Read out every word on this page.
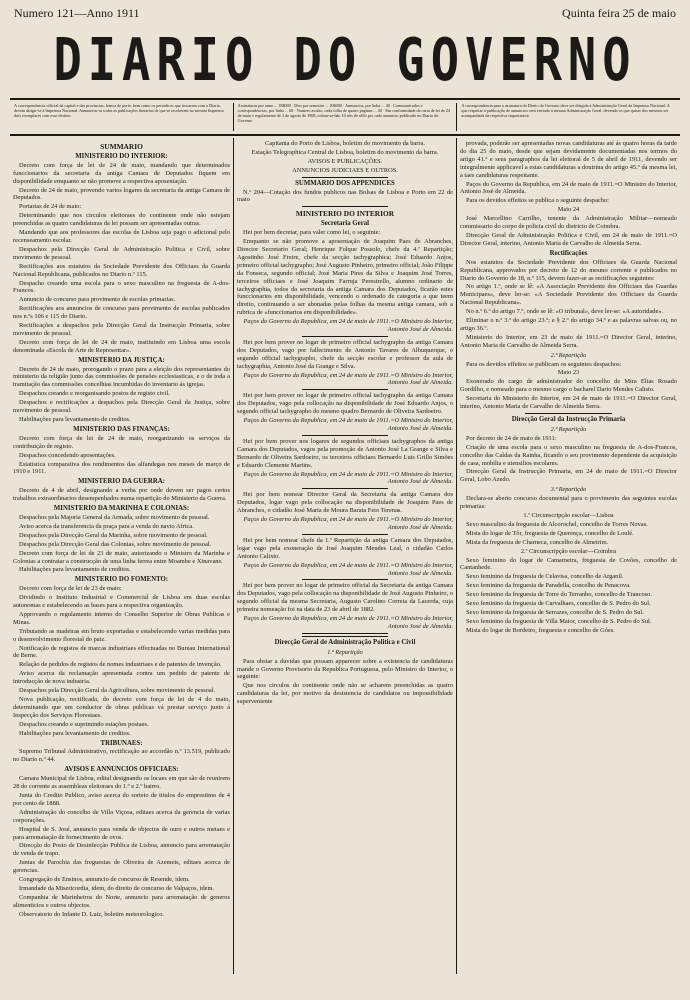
Numero 121—Anno 1911	Quinta feira 25 de maio
DIARIO DO GOVERNO
A correspondencia official da capital e das provincias, franca de porte, bem como os periodicos que trocarem com o Diario, devem dirigir-se á Imprensa Nacional. Annuncios-os todos as publicações literarias de que se receberem no mesmo Imprensa dois exemplares com esse destino.
Assinaturas por anno ... 18$000 · Dito por semestre ... 10$000 · Annuncios, por linha ... 40 · Communicados e correspondencias, por linha ... 60 · Numero avulso, cada folha de quatro paginas ... 40 · Em conformidade da carta de lei de 24 de maio e regulamento de 3 de agosto de 1908, cobrar-se-hão 10 réis de sêllo por cada annuncio publicado no Diario do Governo
A correspondencia para a assinatura do Diario do Governo deve ser dirigida á Administração Geral da Imprensa Nacional. A que respeitar á publicação de annuncios será enviada á mesma Administração Geral, devendo os que quiser dos mesmos ser acompanhada da respectiva importancia.
SUMMARIO
MINISTERIO DO INTERIOR:

Decreto com força de lei de 24 de maio, mandando que determinados funccionarios da secretaria da antiga Camara de Deputados fiquem em disponibilidade emquanto se não promove a respectiva aposentação.

Decreto de 24 de maio, provendo varios logares da secretaria da antiga Camara de Deputados.

Portarias de 24 de maio:

Determinando que nos circulos eleitoraes do continente onde não estejam preenchidas as quatro candidaturas da lei possam ser apresentadas outras.

Mandando que aos professores das escolas de Lisboa seja pago o adicional pelo recenseamento escolar.

Despachos pela Direcção Geral de Administração Politica e Civil, sobre movimento de pessoal.

Rectificações aos estatutos da Sociedade Previdente dos Officiaes da Guarda Nacional Republicana, publicados no Diario n.º 115.

Despacho creando uma escola para o sexo masculino na freguesia de A-dos-Francos.

Annuncio de concurso para provimento de escolas primarias.

Rectificações aos annuncios de concurso para provimento de escolas publicados nos n.ºs 106 e 115 do Diario.

Rectificações a despachos pela Direcção Geral da Instrucção Primaria, sobre movimento de pessoal.

Decreto com força de lei de 24 de maio, instituindo em Lisboa uma escola denominada «Escola de Arte de Representar».

MINISTERIO DA JUSTIÇA:

Decreto de 24 de maio, prorogando o prazo para a eleição dos representantes do ministerio da religião junto das commissões de pensões ecclesiasticas, e o de toda a tramitação das commissões concelhias incumbidas do inventario ás igrejas.

Despachos creando e reorganisando postos de registo civil.

Despachos e rectificações a despachos pela Direcção Geral da Justiça, sobre movimento de pessoal.

Habilitações para levantamento de creditos.

MINISTERIO DAS FINANÇAS:

Decreto com força de lei de 24 de maio, reorganizando os serviços da contribuição de registo.

Despachos concedendo aposentações.

Estatistica comparativa dos rendimentos das alfandegas nos meses de março de 1910 e 1911.

MINISTERIO DA GUERRA:

Decreto de 4 de abril, designando a verba por onde devem ser pagos certos trabalhos extraordinarios desempenhados numa repartição do Ministerio da Guerra.

MINISTERIO DA MARINHA E COLONIAS:

Despachos pela Majoria General da Armada, sobre movimento de pessoal.

Aviso acerca da transferencia da praça para a venda do navio Africa.

Despachos pela Direcção Geral da Marinha, sobre movimento de pessoal.

Despachos pela Direcção Geral das Colonias, sobre movimento de pessoal.

Decreto com força de lei de 23 de maio, autorizando o Ministro da Marinha e Colonias a contratar a construcção de uma linha ferrea entre Moambe e Xinavane.

Habilitações para levantamento de creditos.

MINISTERIO DO FOMENTO:

Decreto com força de lei de 23 de maio:

Dividindo o Instituto Industrial e Commercial de Lisboa em duas escolas autonomas e estabelecendo as bases para a respectiva organização.

Approvando o regulamento interno do Conselho Superior de Obras Publicas e Minas.

Tributando as madeiras em bruto exportadas e estabelecendo varias medidas para o desenvolvimento florestal do paiz.

Notificação de registos de marcas industriaes effectuadas no Bureau International de Berne.

Relação de pedidos de registos de nomes industriaes e de patentes de invenção.

Aviso acerca da reclamação apresentada contra um pedido de patente de introducção de nova industria.

Despachos pela Direcção Geral da Agricultura, sobre movimento de pessoal.

Nova publicação, rectificada, do decreto com força de lei de 4 do maio, determinando que um conductor de obras publicas vá prestar serviço junto á Inspecção dos Serviços Florestaes.

Despachos creando e suprimindo estações postaes.

Habilitações para levantamento de creditos.

TRIBUNAES:

Supremo Tribunal Administrativo, rectificação ao accordão n.º 13.519, publicado no Diario n.º 44.

AVISOS E ANNUNCIOS OFFICIAES:

Camara Municipal de Lisboa, edital designando os locaes em que são de reunirem 28 do corrente as assembleas eleitoraes do 1.º e 2.º bairro.

Junta do Credito Publico, aviso acerca do sorteio de titulos do emprestimo de 4 por cento de 1888.

Administração do concelho de Villa Viçosa, editaes acerca da gerencia de varias corporações.

Hospital de S. José, annuncio para venda de objectos de ouro e outros metaes e para arrematação de fornecimento de ovos.

Direcção do Posto de Desinfecção Publica de Lisboa, annuncio para arrematação de venda de trapo.

Juntas de Parochia das freguesias de Oliveira de Azemeis, editaes acerca de gerencias.

Congregação de Ensinos, annuncio de concurso de Resende, idem.

Irmandade da Misericordia, idem, do direito de concurso de Valpaços, idem.

Companhia de Marinheiros do Norte, annuncio para arrematação de generos alimenticios e outros objectos.

Observatorio do Infante D. Luiz, boletim meteorologico.

Capitania do Porto de Lisboa, boletim do movimento da barra.

Estação Telegraphica Central de Lisboa, boletim do movimento da barra.

AVISOS E PUBLICAÇÕES.

ANNUNCIOS JUDICIAES E OUTROS.

SUMMARIO DOS APPENDICES

N.º 204—Cotação dos fundos publicos nas Bolsas de Lisboa e Porto em 22 de maio

MINISTERIO DO INTERIOR
Secretaria Geral

Hei por bem decretar, para valer como lei, o seguinte:

Emquanto se não promove a aposentação de Joaquim Paes de Abranches, Director Secretario Geral; Henrique Folque Possolo, chefe da 4.ª Repartição; Agostinho José Freire, chefe da secção tachygraphica; José Eduardo Anjos, primeiro official tachygrapho; José Augusto Pinheiro, primeiro official; João Filippe da Fonseca, segundo official; José Maria Pires da Silva e Joaquim José Torres, terceiros officiaes e José Joaquim Farruja Perestrello, alumno ordinario de tachygraphia, todos da secretaria da antiga Camara dos Deputados, ficarão estes funccionarios em disponibilidade, vencendo o ordenado de categoria a que teem direito, continuando a ser abonadas pelas folhas da mesma antiga camara, sob a rubrica de «funccionarios em disponibilidade».

Paços do Governo da Republica, em 24 de maio de 1911.=O Ministro do Interior, Antonio José de Almeida.

Hei por bem prover no logar de primeiro official tachygrapho da antiga Camara dos Deputados, vago por fallecimento de Antonio Tavares de Albuquerque, o segundo official tachygrapho, chefe da secção escolar e professor da aula de tachygraphia, Antonio José da Grange e Silva.

Paços do Governo da Republica, em 24 de maio de 1911.=O Ministro do Interior, Antonio José de Almeida.

Hei por bem prover no logar de primeiro official tachygrapho da antiga Camara dos Deputados, vago pela collocação na disponibilidade de José Eduardo Anjos, o segundo official tachygrapho do mesmo quadro Bernardo de Oliveira Sardoeiro.

Paços do Governo da Republica, em 24 de maio de 1911.=O Ministro do Interior, Antonio José de Almeida.

Hei por bem prover nos logares de segundos officiaes tachygraphos da antiga Camara dos Deputados, vagos pela promoção de Antonio José La Grange e Silva e Bernardo de Oliveira Sardoeiro, os terceiros officiaes Bernardo Luis Grillo Simões e Eduardo Clemente Martins.

Paços do Governo da Republica, em 24 de maio de 1911.=O Ministro do Interior, Antonio José de Almeida.

Hei por bem nomear Director Geral da Secretaria da antiga Camara dos Deputados, logar vago pela collocação na disponibilidade de Joaquim Paes de Abranches, o cidadão José Maria de Moura Barata Feio Terenas.

Paços do Governo da Republica, em 24 de maio de 1911.=O Ministro do Interior, Antonio José de Almeida.

Hei por bem nomear chefe da 1.ª Repartição da antiga Camara dos Deputados, logar vago pela exoneração de José Joaquim Mendes Leal, o cidadão Carlos Antonio Calixto.

Paços do Governo da Republica, em 24 de maio de 1911.=O Ministro do Interior, Antonio José de Almeida.

Hei por bem prover no logar de primeiro official da Secretaria da antiga Camara dos Deputados, vago pela collocação na disponibilidade de José Augusto Pinheiro, o segundo official da mesma Secretaria, Augusto Carolino Correia da Lacerda, cuja primeira nomeação foi na data de 23 de abril de 1882.

Paços do Governo da Republica, em 24 de maio de 1911.=O Ministro do Interior, Antonio José de Almeida.

Direcção Geral de Administração Politica e Civil
1.ª Repartição

Para obstar a duvidas que possam apparecer sobre a existencia de candidaturas mande o Governo Provisorio da Republica Portuguesa, pelo Ministro do Interior, o seguinte:

Que nos circulos do continente onde não se acharem preenchidas as quatro candidaturas da lei, por motivo da desistencia de candidatos ou impossibilidade superveniente

provada, poderão ser apresentadas novas candidaturas até ás quatro horas da tarde do dia 25 do maio, desde que sejam devidamente documentadas nos termos do artigo 41.º e seus paragraphos da lei eleitoral de 5 de abril de 1911, devendo ser integralmente applicavel a estas candidaturas a doutrina do artigo 45.º da mesma lei, a taes candidaturas respeitante.

Paços do Governo da Republica, em 24 de maio de 1911.=O Ministro do Interior, Antonio José de Almeida.

Para os devidos effeitos se publica o seguinte despacho:

Maio 24

José Marcellino Carrilho, tenente da Administração Militar—nomeado commissario do corpo de policia civil do districto de Coimbra.

Direcção Geral de Administração Politica e Civil, em 24 de maio de 1911.=O Director Geral, interino, Antonio Maria de Carvalho de Almeida Serra.

Rectificações

Nos estatutos da Sociedade Previdente dos Officiaes da Guarda Nacional Republicana, approvados por decreto de 12 do mesmo corrente e publicados no Diario do Governo de 18, n.º 115, devem fazer-se as rectificações seguintes:

No artigo 1.º, onde se lê: «A Associação Previdente dos Officiaes das Guardas Municipaes», deve ler-se: «A Sociedade Previdente dos Officiaes da Guarda Nacional Republicana».

No n.º 6.º do artigo 7.º, onde se lê: «O tribunal», deve ler-se: «A autoridade».

Eliminar o n.º 3.º do artigo 23.º; e § 2.º do artigo 34.º e as palavras salvas ou, no artigo 36.º.

Ministerio do Interior, em 23 de maio de 1911.=O Director Geral, interino, Antonio Maria de Carvalho de Almeida Serra.

2.ª Repartição

Para os devidos effeitos se publicam os seguintes despachos:

Maio 23

Exonerado do cargo de administrador do concelho de Mira Elias Rosado Gordilho, e nomeado para o mesmo cargo o bacharel Dario Mendes Calisto.

Secretaria do Ministerio do Interior, em 24 de maio de 1911.=O Director Geral, interino, Antonio Maria de Carvalho de Almeida Serra.

Direcção Geral da Instrucção Primaria
2.ª Repartição

Por decreto de 24 de maio de 1911:

Criação de uma escola para o sexo masculino na freguesia de A-dos-Francos, concelho das Caldas da Rainha, ficando o seu provimento dependente da acquisição de casa, mobilia e utensilios escolares.

Direcção Geral da Instrucção Primaria, em 24 de maio de 1911.=O Director Geral, Lobo Azedo.

3.ª Repartição

Declara-se aberto concurso documental para o provimento das seguintes escolas primarias:

1.ª Circunscripção escolar—Lisboa

Sexo masculino da freguesia de Alcorochel, concelho de Torres Novas.

Mista do logar de Tôr, freguesia de Querença, concelho de Loulé.

Mista da freguesia de Charneca, concelho de Almeirim.

2.ª Circunscripção escolar—Coimbra

Sexo feminino do logar de Camarneira, freguesia de Covões, concelho de Cantanhede.

Sexo feminino da freguesia de Celavisa, concelho de Arganil.

Sexo feminino da freguesia de Paradella, concelho de Penacova.

Sexo feminino da freguesia de Torre do Terranho, concelho de Trancoso.

Sexo feminino da freguesia de Carvalhaes, concelho de S. Pedro do Sul.

Sexo feminino da freguesia de Serrazes, concelho de S. Pedro do Sul.

Sexo feminino da freguesia de Villa Maior, concelho de S. Pedro do Sul.

Mista do logar de Bordeiro, freguesia e concelho de Góes.
